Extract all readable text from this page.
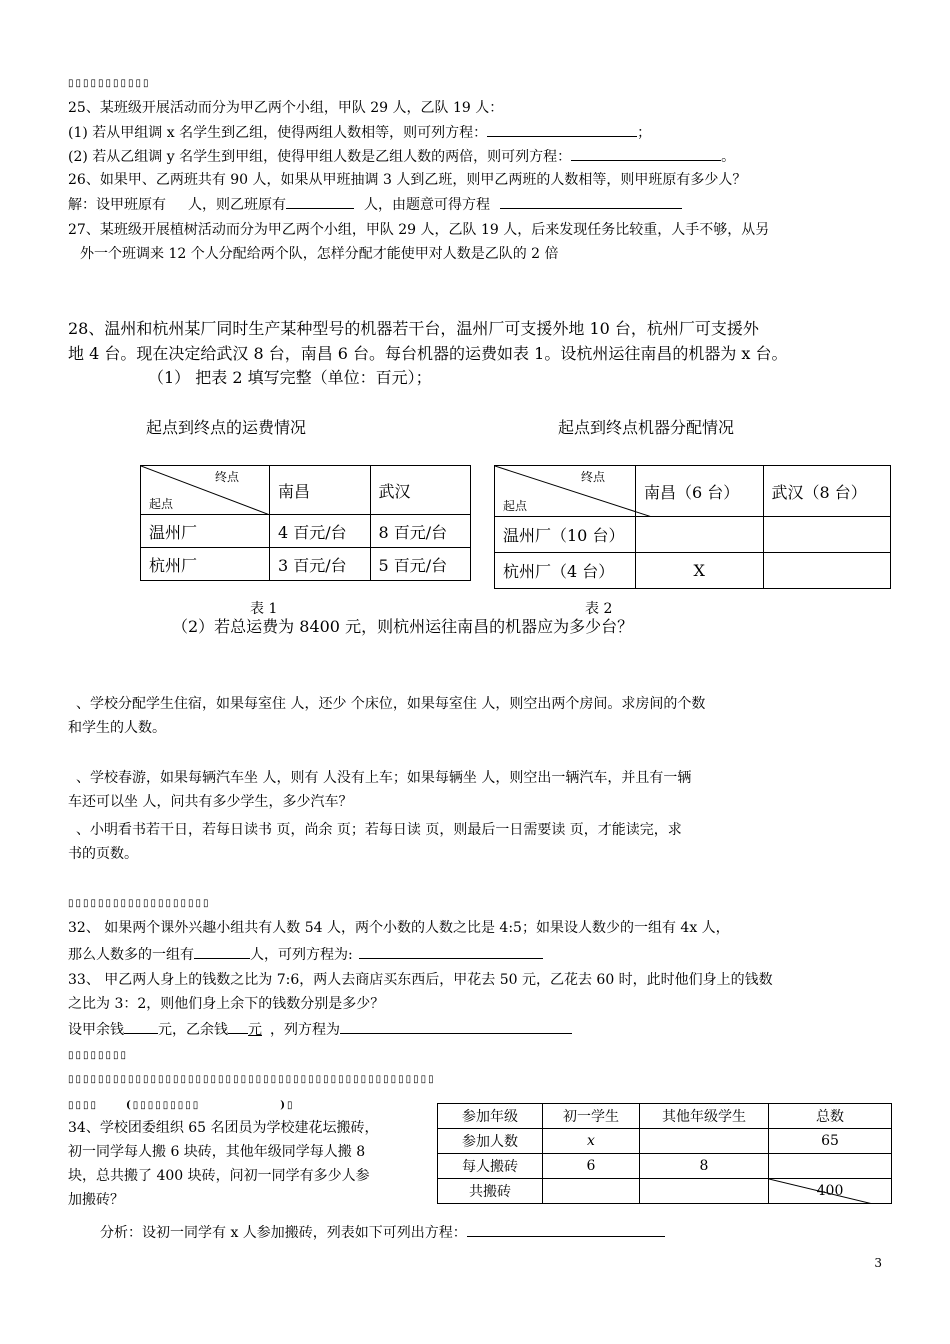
▯▯▯▯▯▯▯▯▯▯▯
25、某班级开展活动而分为甲乙两个小组，甲队 29 人，乙队 19 人：
(1) 若从甲组调 x 名学生到乙组，使得两组人数相等，则可列方程：	；
(2) 若从乙组调 y 名学生到甲组，使得甲组人数是乙组人数的两倍，则可列方程：	。
26、如果甲、乙两班共有 90 人，如果从甲班抽调 3 人到乙班，则甲乙两班的人数相等，则甲班原有多少人？
解：设甲班原有 人，则乙班原有	人，由题意可得方程
27、某班级开展植树活动而分为甲乙两个小组，甲队 29 人，乙队 19 人，后来发现任务比较重，人手不够，从另
外一个班调来 12 个人分配给两个队，怎样分配才能使甲对人数是乙队的 2 倍
28、温州和杭州某厂同时生产某种型号的机器若干台，温州厂可支援外地 10 台，杭州厂可支援外
地 4 台。现在决定给武汉 8 台，南昌 6 台。每台机器的运费如表 1。设杭州运往南昌的机器为 x 台。
（1） 把表 2 填写完整（单位：百元）；
起点到终点的运费情况	起点到终点机器分配情况
终点
起点	南昌	武汉
温州厂	4 百元/台	8 百元/台
杭州厂	3 百元/台	5 百元/台
终点
起点	南昌（6 台）	武汉（8 台）
温州厂（10 台）		
杭州厂（4 台）	X	
表 1	表 2
（2）若总运费为 8400 元，则杭州运往南昌的机器应为多少台？
、学校分配学生住宿，如果每室住 人，还少 个床位，如果每室住 人，则空出两个房间。求房间的个数
和学生的人数。
、学校春游，如果每辆汽车坐 人，则有 人没有上车；如果每辆坐 人，则空出一辆汽车，并且有一辆
车还可以坐 人，问共有多少学生，多少汽车？
、小明看书若干日，若每日读书 页，尚余 页；若每日读 页，则最后一日需要读 页，才能读完，求
书的页数。
▯▯▯▯▯▯▯▯▯▯▯▯▯▯▯▯▯▯▯
32、 如果两个课外兴趣小组共有人数 54 人，两个小数的人数之比是 4:5；如果设人数少的一组有 4x 人，
那么人数多的一组有	人，可列方程为:
33、 甲乙两人身上的钱数之比为 7:6，两人去商店买东西后，甲花去 50 元，乙花去 60 时，此时他们身上的钱数
之比为 3：2，则他们身上余下的钱数分别是多少？
设甲余钱 元，乙余钱 元 ，列方程为
▯▯▯▯▯▯▯▯
▯▯▯▯▯▯▯▯▯▯▯▯▯▯▯▯▯▯▯▯▯▯▯▯▯▯▯▯▯▯▯▯▯▯▯▯▯▯▯▯▯▯▯▯▯▯▯▯▯
▯▯▯▯	(▯▯▯▯▯▯▯▯▯	)▯
34、学校团委组织 65 名团员为学校建花坛搬砖，
初一同学每人搬 6 块砖，其他年级同学每人搬 8
块，总共搬了 400 块砖，问初一同学有多少人参
加搬砖？
参加年级	初一学生	其他年级学生	总数
参加人数	x		65
每人搬砖	6	8	
共搬砖			400
分析：设初一同学有 x 人参加搬砖，列表如下可列出方程：
3
